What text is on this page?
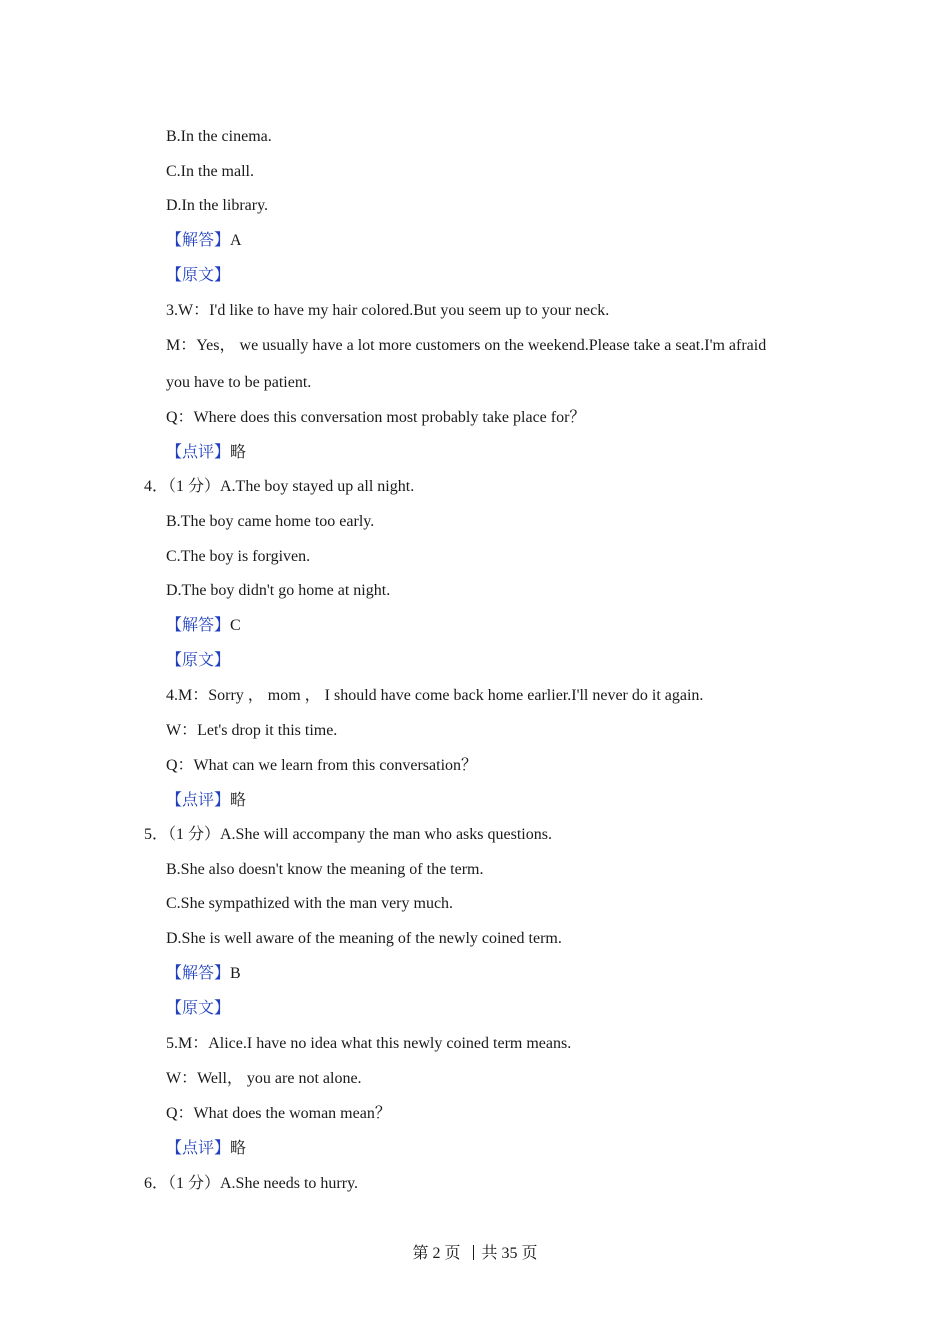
B.In the cinema.
C.In the mall.
D.In the library.
【解答】A
【原文】
3.W：I'd like to have my hair colored.But you seem up to your neck.
M：Yes， we usually have a lot more customers on the weekend.Please take a seat.I'm afraid
you have to be patient.
Q：Where does this conversation most probably take place for？
【点评】略
4．（1 分）A.The boy stayed up all night.
B.The boy came home too early.
C.The boy is forgiven.
D.The boy didn't go home at night.
【解答】C
【原文】
4.M：Sorry ， mom ， I should have come back home earlier.I'll never do it again.
W：Let's drop it this time.
Q：What can we learn from this conversation？
【点评】略
5．（1 分）A.She will accompany the man who asks questions.
B.She also doesn't know the meaning of the term.
C.She sympathized with the man very much.
D.She is well aware of the meaning of the newly coined term.
【解答】B
【原文】
5.M：Alice.I have no idea what this newly coined term means.
W：Well， you are not alone.
Q：What does the woman mean？
【点评】略
6．（1 分）A.She needs to hurry.
第 2 页 共 35 页
